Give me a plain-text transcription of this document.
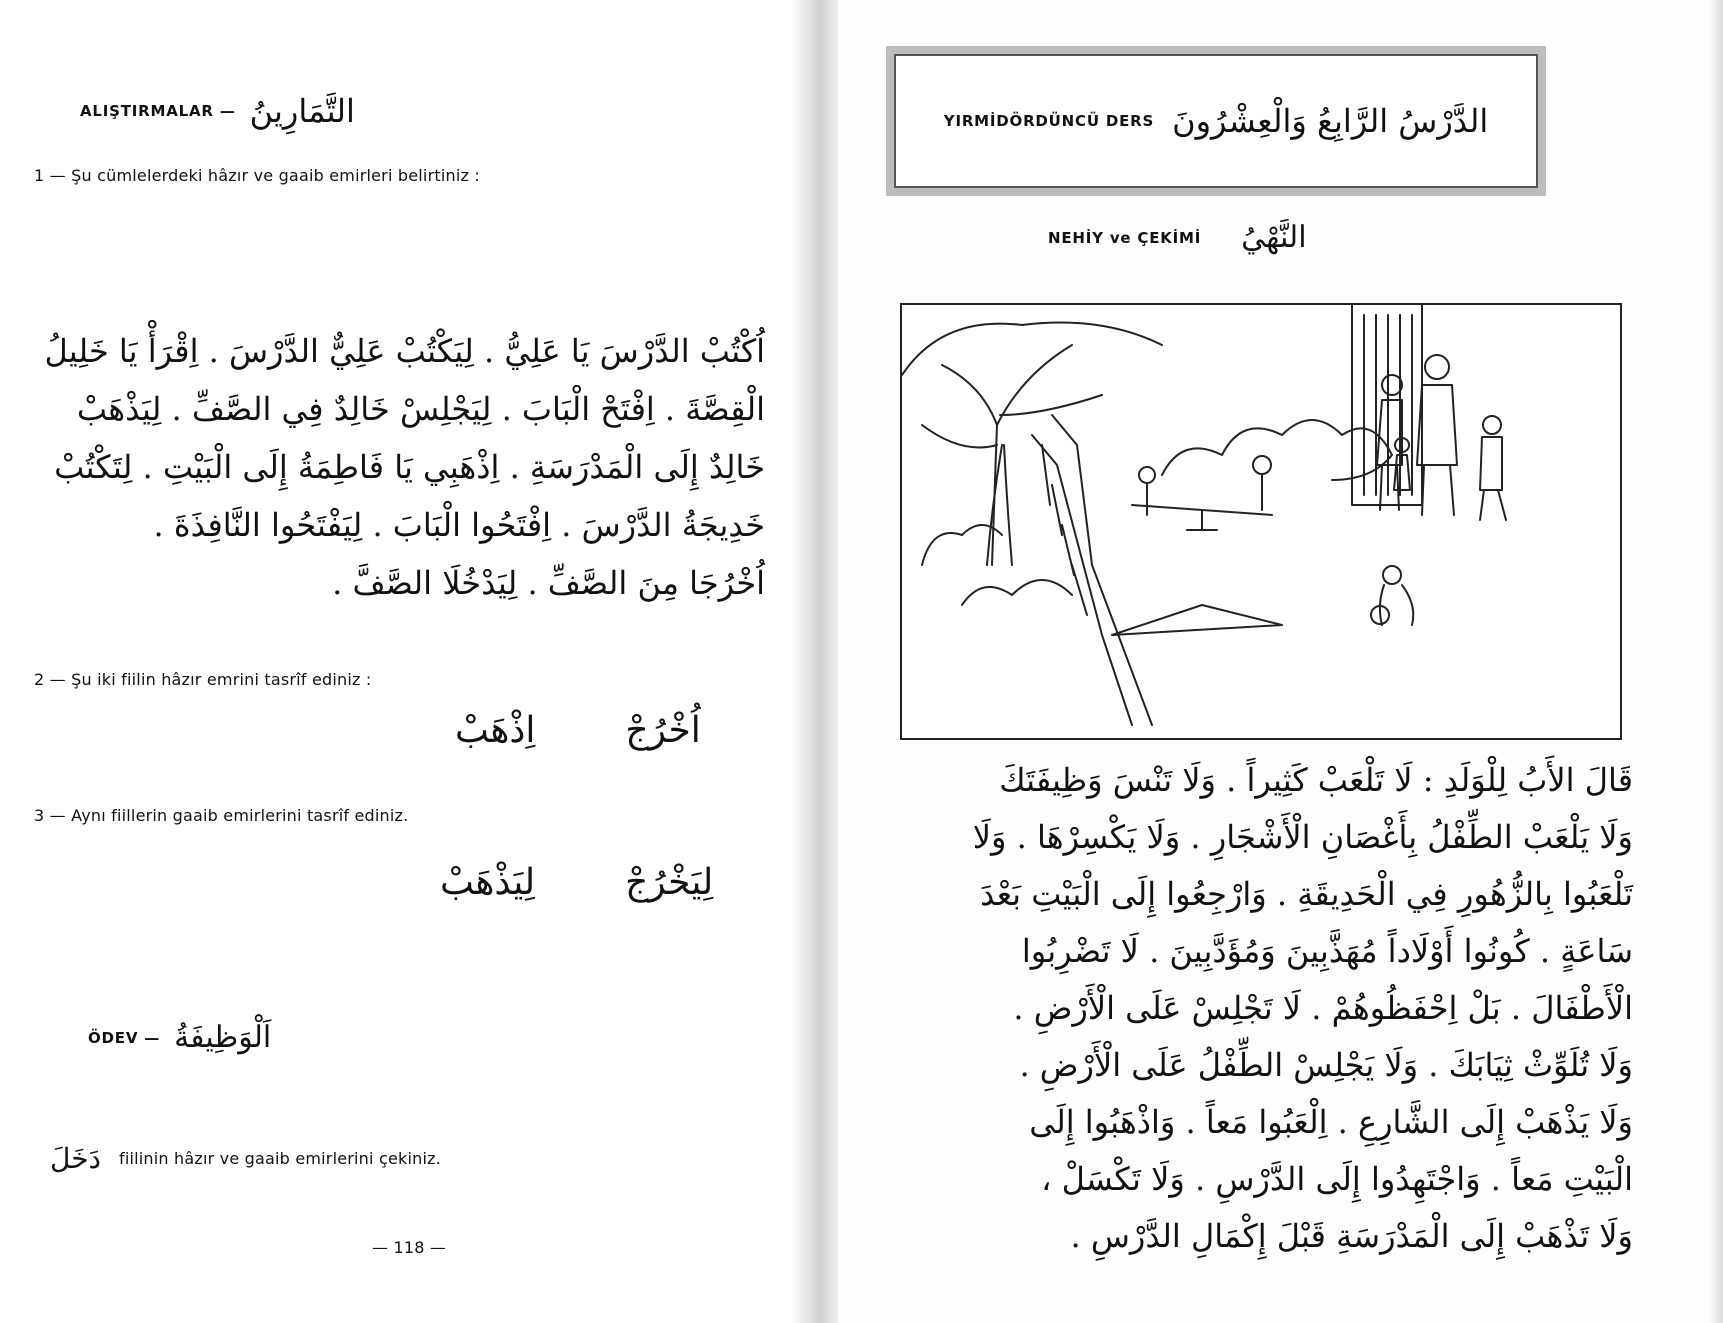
ALIŞTIRMALAR — التَّمَارِينُ
1 — Şu cümlelerdeki hâzır ve gaaib emirleri belirtiniz :
اُكْتُبْ الدَّرْسَ يَا عَلِيُّ . لِيَكْتُبْ عَلِيٌّ الدَّرْسَ . اِقْرَأْ يَا خَلِيلُ
الْقِصَّةَ . اِفْتَحْ الْبَابَ . لِيَجْلِسْ خَالِدٌ فِي الصَّفِّ . لِيَذْهَبْ
خَالِدٌ إِلَى الْمَدْرَسَةِ . اِذْهَبِي يَا فَاطِمَةُ إِلَى الْبَيْتِ . لِتَكْتُبْ
خَدِيجَةُ الدَّرْسَ . اِفْتَحُوا الْبَابَ . لِيَفْتَحُوا النَّافِذَةَ .
اُخْرُجَا مِنَ الصَّفِّ . لِيَدْخُلَا الصَّفَّ .
2 — Şu iki fiilin hâzır emrini tasrîf ediniz :
اُخْرُجْ
اِذْهَبْ
3 — Aynı fiillerin gaaib emirlerini tasrîf ediniz.
لِيَخْرُجْ
لِيَذْهَبْ
ÖDEV — اَلْوَظِيفَةُ
دَخَلَ fiilinin hâzır ve gaaib emirlerini çekiniz.
— 118 —
YIRMİDÖRDÜNCÜ DERS الدَّرْسُ الرَّابِعُ وَالْعِشْرُونَ
NEHİY ve ÇEKİMİ النَّهْيُ
قَالَ الأَبُ لِلْوَلَدِ : لَا تَلْعَبْ كَثِيراً . وَلَا تَنْسَ وَظِيفَتَكَ
وَلَا يَلْعَبْ الطِّفْلُ بِأَغْصَانِ الْأَشْجَارِ . وَلَا يَكْسِرْهَا . وَلَا
تَلْعَبُوا بِالزُّهُورِ فِي الْحَدِيقَةِ . وَارْجِعُوا إِلَى الْبَيْتِ بَعْدَ
سَاعَةٍ . كُونُوا أَوْلَاداً مُهَذَّبِينَ وَمُؤَدَّبِينَ . لَا تَضْرِبُوا
الْأَطْفَالَ . بَلْ اِحْفَظُوهُمْ . لَا تَجْلِسْ عَلَى الْأَرْضِ .
وَلَا تُلَوِّثْ ثِيَابَكَ . وَلَا يَجْلِسْ الطِّفْلُ عَلَى الْأَرْضِ .
وَلَا يَذْهَبْ إِلَى الشَّارِعِ . اِلْعَبُوا مَعاً . وَاذْهَبُوا إِلَى
الْبَيْتِ مَعاً . وَاجْتَهِدُوا إِلَى الدَّرْسِ . وَلَا تَكْسَلْ ،
وَلَا تَذْهَبْ إِلَى الْمَدْرَسَةِ قَبْلَ إِكْمَالِ الدَّرْسِ .
